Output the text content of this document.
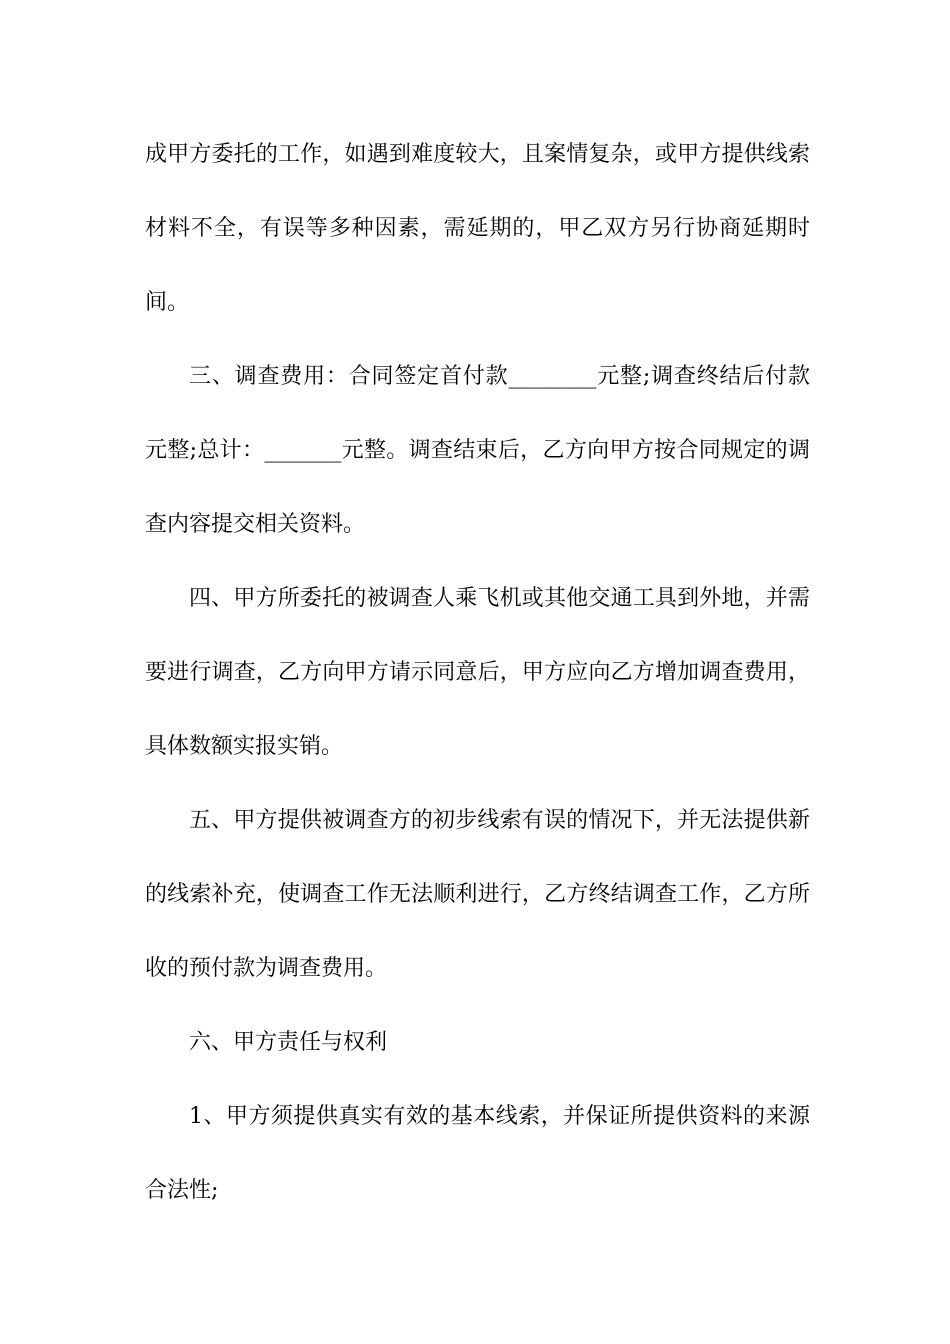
成甲方委托的工作，如遇到难度较大，且案情复杂，或甲方提供线索材料不全，有误等多种因素，需延期的，甲乙双方另行协商延期时间。

三、调查费用：合同签定首付款________元整;调查终结后付款元整;总计：_______元整。调查结束后，乙方向甲方按合同规定的调查内容提交相关资料。

四、甲方所委托的被调查人乘飞机或其他交通工具到外地，并需要进行调查，乙方向甲方请示同意后，甲方应向乙方增加调查费用，具体数额实报实销。

五、甲方提供被调查方的初步线索有误的情况下，并无法提供新的线索补充，使调查工作无法顺利进行，乙方终结调查工作，乙方所收的预付款为调查费用。

六、甲方责任与权利

1、甲方须提供真实有效的基本线索，并保证所提供资料的来源合法性;
